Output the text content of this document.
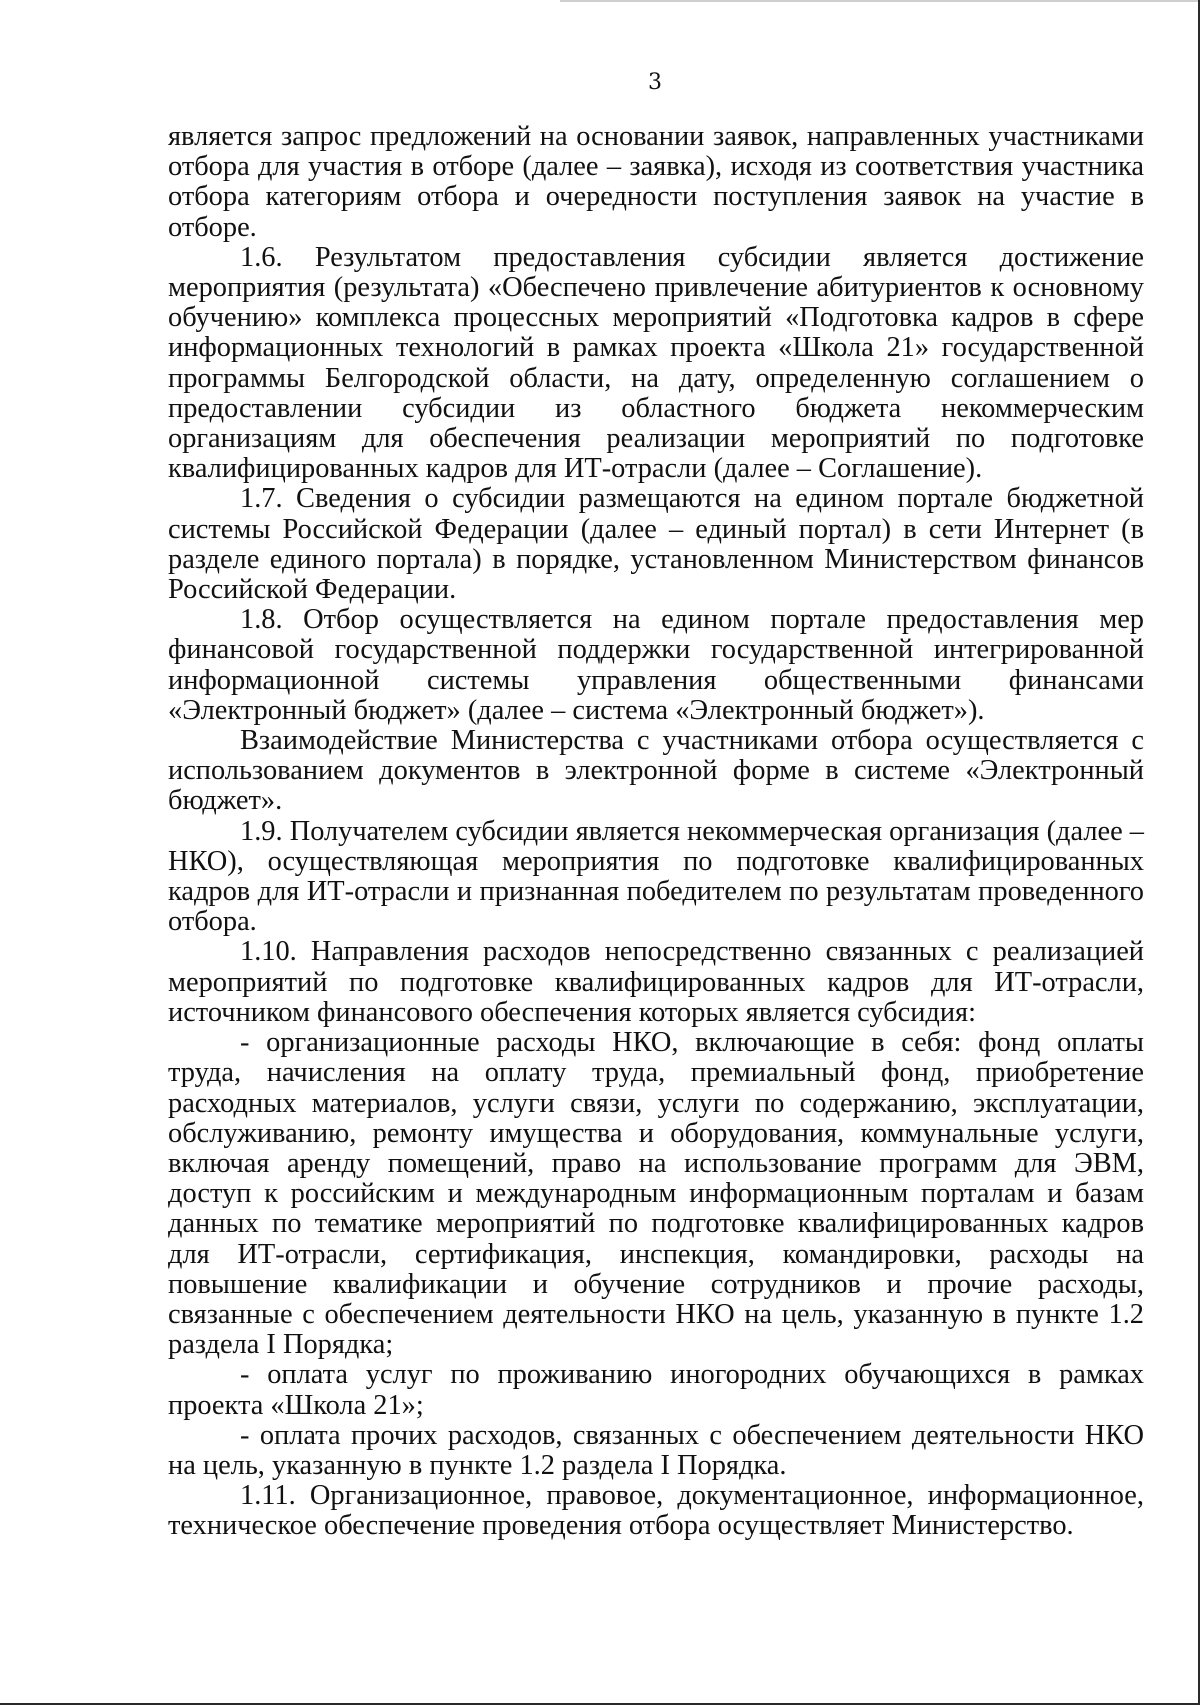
3

является запрос предложений на основании заявок, направленных участниками отбора для участия в отборе (далее – заявка), исходя из соответствия участника отбора категориям отбора и очередности поступления заявок на участие в отборе.

1.6. Результатом предоставления субсидии является достижение мероприятия (результата) «Обеспечено привлечение абитуриентов к основному обучению» комплекса процессных мероприятий «Подготовка кадров в сфере информационных технологий в рамках проекта «Школа 21» государственной программы Белгородской области, на дату, определенную соглашением о предоставлении субсидии из областного бюджета некоммерческим организациям для обеспечения реализации мероприятий по подготовке квалифицированных кадров для ИТ-отрасли (далее – Соглашение).

1.7. Сведения о субсидии размещаются на едином портале бюджетной системы Российской Федерации (далее – единый портал) в сети Интернет (в разделе единого портала) в порядке, установленном Министерством финансов Российской Федерации.

1.8. Отбор осуществляется на едином портале предоставления мер финансовой государственной поддержки государственной интегрированной информационной системы управления общественными финансами «Электронный бюджет» (далее – система «Электронный бюджет»).

Взаимодействие Министерства с участниками отбора осуществляется с использованием документов в электронной форме в системе «Электронный бюджет».

1.9. Получателем субсидии является некоммерческая организация (далее – НКО), осуществляющая мероприятия по подготовке квалифицированных кадров для ИТ-отрасли и признанная победителем по результатам проведенного отбора.

1.10. Направления расходов непосредственно связанных с реализацией мероприятий по подготовке квалифицированных кадров для ИТ-отрасли, источником финансового обеспечения которых является субсидия:

- организационные расходы НКО, включающие в себя: фонд оплаты труда, начисления на оплату труда, премиальный фонд, приобретение расходных материалов, услуги связи, услуги по содержанию, эксплуатации, обслуживанию, ремонту имущества и оборудования, коммунальные услуги, включая аренду помещений, право на использование программ для ЭВМ, доступ к российским и международным информационным порталам и базам данных по тематике мероприятий по подготовке квалифицированных кадров для ИТ-отрасли, сертификация, инспекция, командировки, расходы на повышение квалификации и обучение сотрудников и прочие расходы, связанные с обеспечением деятельности НКО на цель, указанную в пункте 1.2 раздела I Порядка;

- оплата услуг по проживанию иногородних обучающихся в рамках проекта «Школа 21»;

- оплата прочих расходов, связанных с обеспечением деятельности НКО на цель, указанную в пункте 1.2 раздела I Порядка.

1.11. Организационное, правовое, документационное, информационное, техническое обеспечение проведения отбора осуществляет Министерство.
